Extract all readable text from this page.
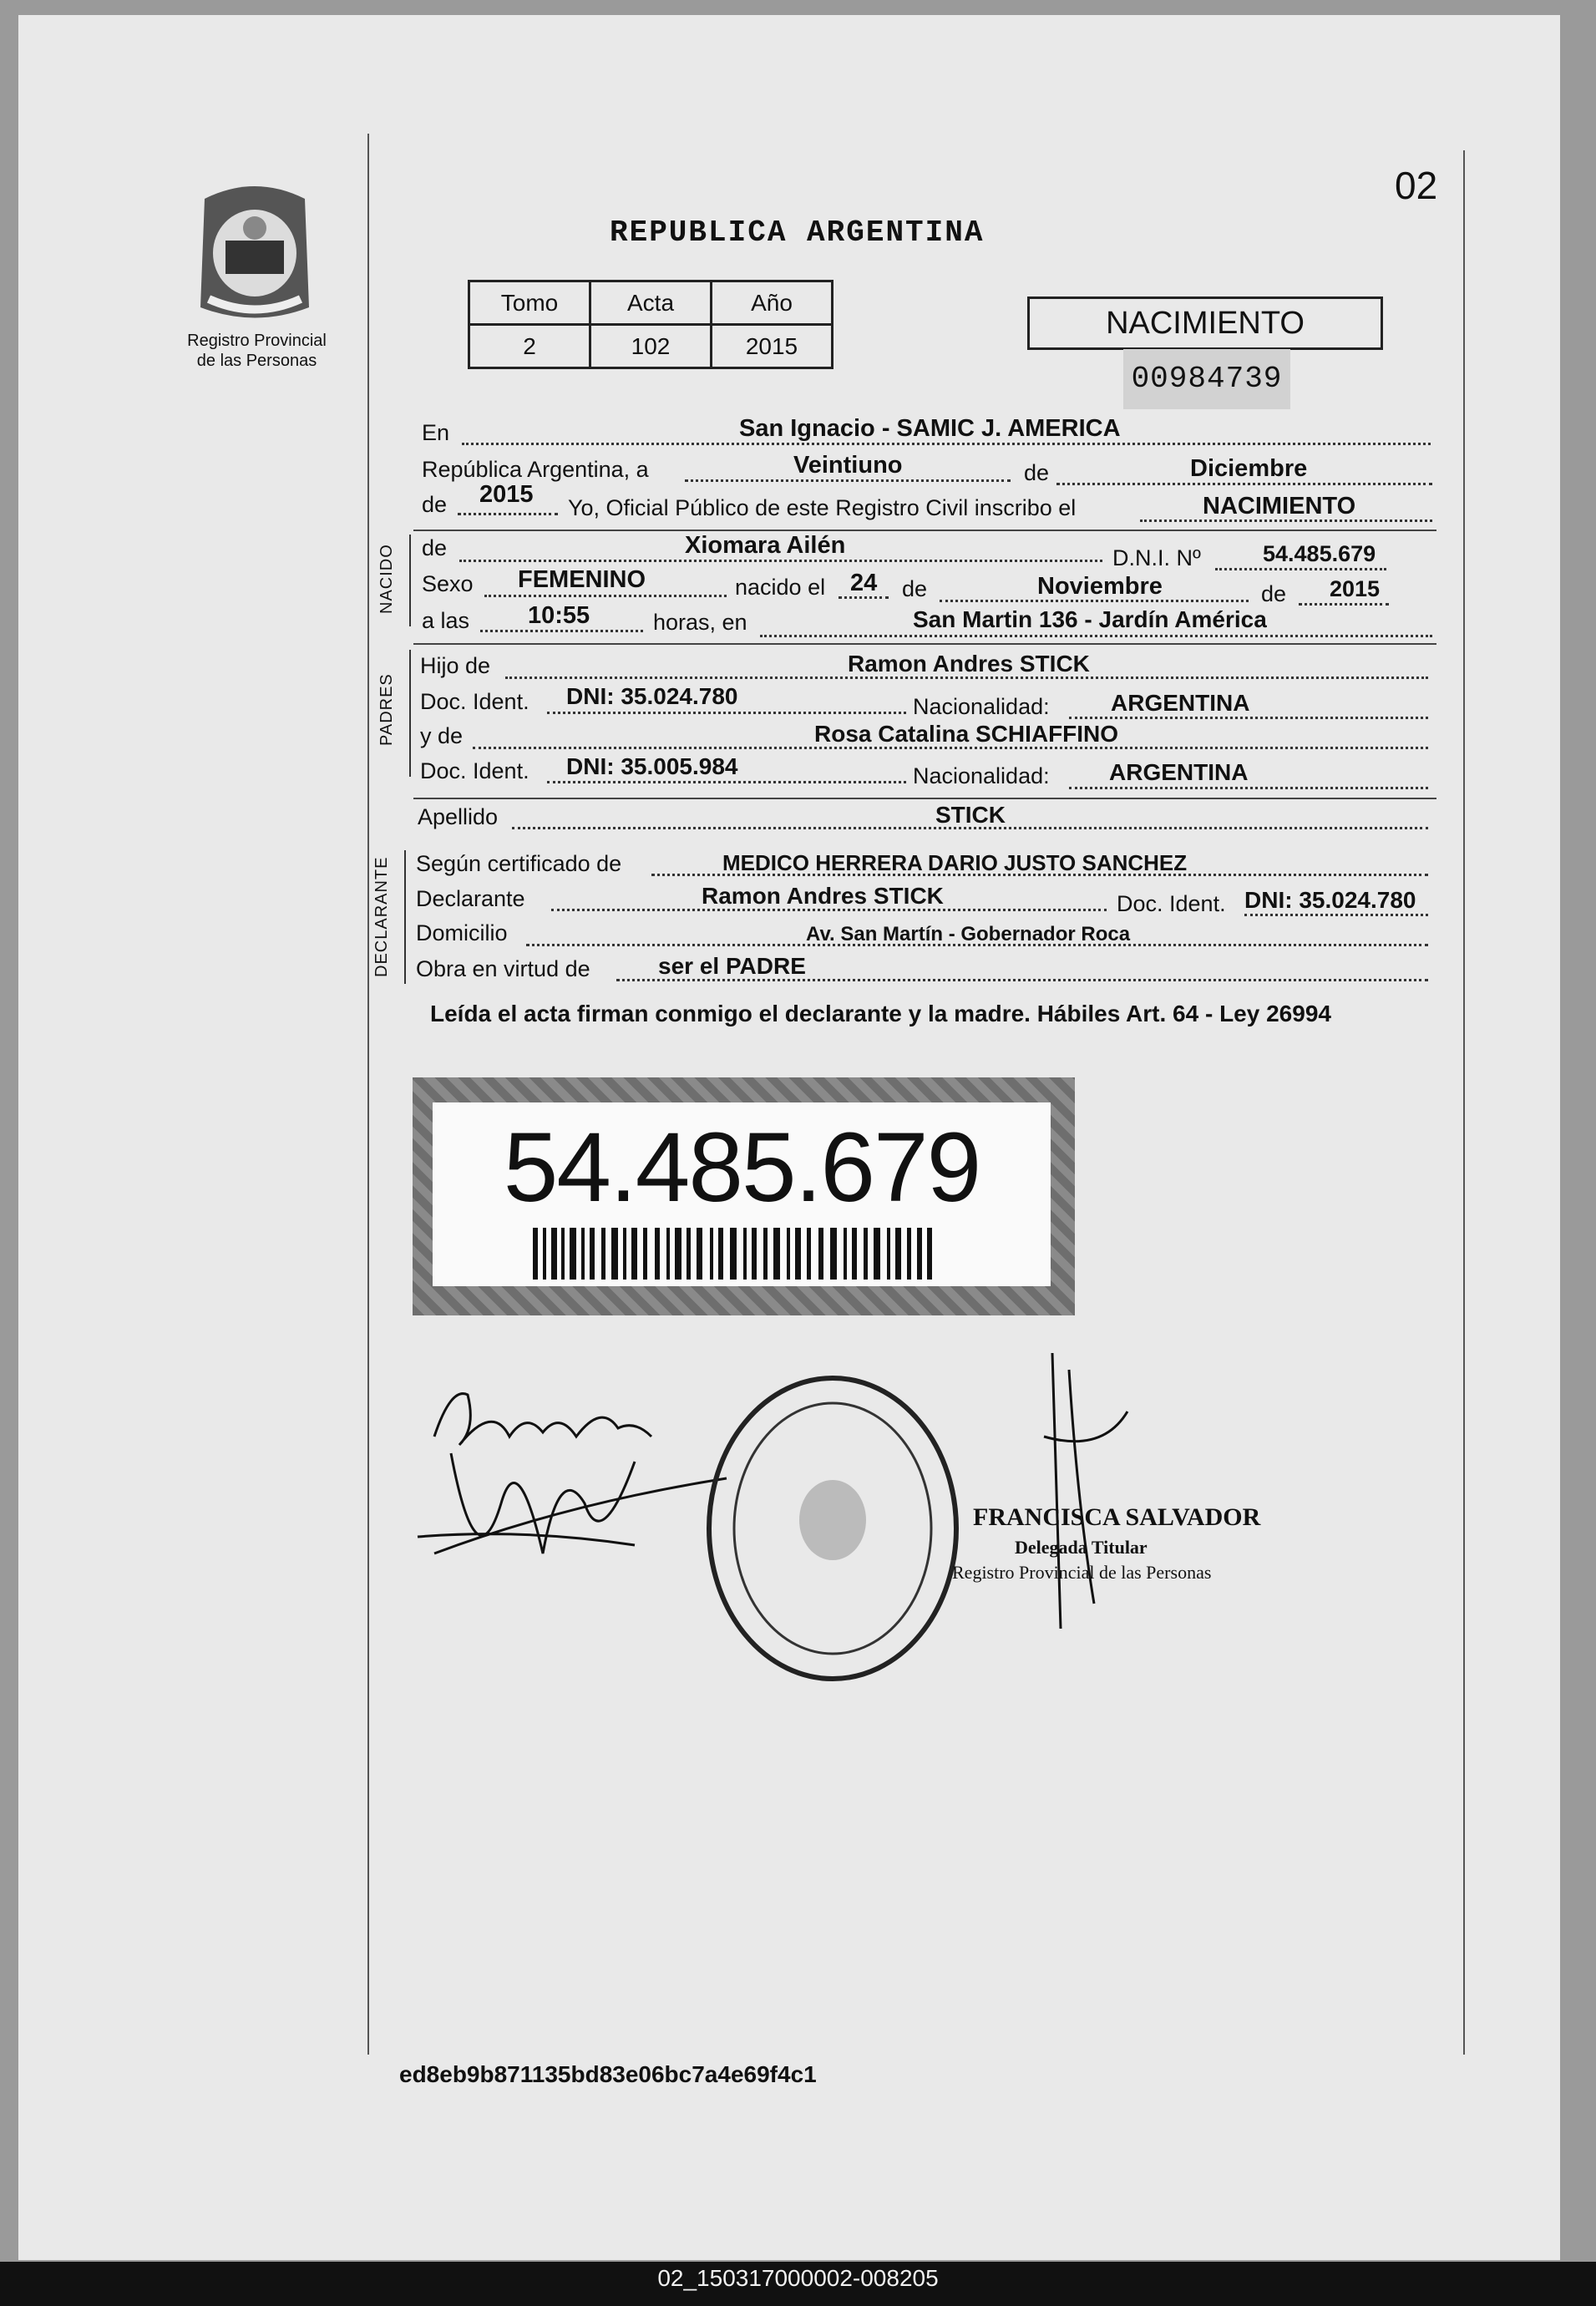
02_150317000002-008205
02
REPUBLICA ARGENTINA
Registro Provincial
de las Personas
Tomo	Acta	Año
2	102	2015
NACIMIENTO
00984739
En	San Ignacio - SAMIC J. AMERICA
República Argentina, a	Veintiuno	de	Diciembre
de 2015 Yo, Oficial Público de este Registro Civil inscribo el	NACIMIENTO
NACIDO de	Xiomara Ailén	D.N.I. Nº	54.485.679
Sexo FEMENINO	nacido el 24 de	Noviembre	de 2015
a las 10:55	horas, en	San Martin 136 - Jardín América
PADRES
Hijo de	Ramon Andres STICK
Doc. Ident. DNI: 35.024.780	Nacionalidad:	ARGENTINA
y de	Rosa Catalina SCHIAFFINO
Doc. Ident. DNI: 35.005.984	Nacionalidad:	ARGENTINA
Apellido	STICK
DECLARANTE Según certificado de	MEDICO HERRERA DARIO JUSTO SANCHEZ
Declarante	Ramon Andres STICK	Doc. Ident. DNI: 35.024.780
Domicilio	Av. San Martín - Gobernador Roca
Obra en virtud de	ser el PADRE
Leída el acta firman conmigo el declarante y la madre. Hábiles Art. 64 - Ley 26994
54.485.679
FRANCISCA SALVADOR
Delegada Titular
Registro Provincial de las Personas
ed8eb9b871135bd83e06bc7a4e69f4c1
